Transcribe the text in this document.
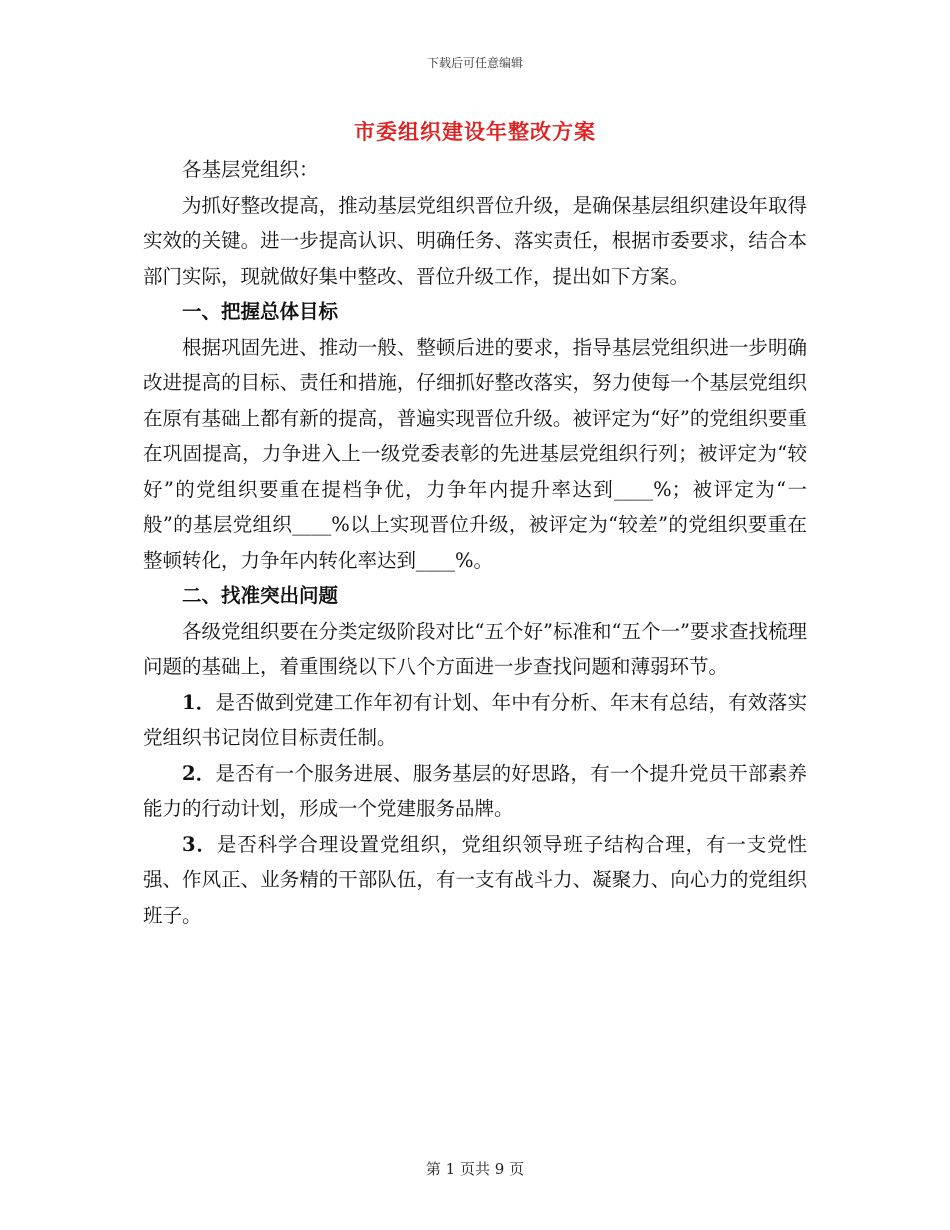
下载后可任意编辑
市委组织建设年整改方案

各基层党组织：

为抓好整改提高，推动基层党组织晋位升级，是确保基层组织建设年取得实效的关键。进一步提高认识、明确任务、落实责任，根据市委要求，结合本部门实际，现就做好集中整改、晋位升级工作，提出如下方案。

一、把握总体目标

根据巩固先进、推动一般、整顿后进的要求，指导基层党组织进一步明确改进提高的目标、责任和措施，仔细抓好整改落实，努力使每一个基层党组织在原有基础上都有新的提高，普遍实现晋位升级。被评定为“好”的党组织要重在巩固提高，力争进入上一级党委表彰的先进基层党组织行列；被评定为“较好”的党组织要重在提档争优，力争年内提升率达到____%；被评定为“一般”的基层党组织____%以上实现晋位升级，被评定为“较差”的党组织要重在整顿转化，力争年内转化率达到____%。

二、找准突出问题

各级党组织要在分类定级阶段对比“五个好”标准和“五个一”要求查找梳理问题的基础上，着重围绕以下八个方面进一步查找问题和薄弱环节。

1．是否做到党建工作年初有计划、年中有分析、年末有总结，有效落实党组织书记岗位目标责任制。

2．是否有一个服务进展、服务基层的好思路，有一个提升党员干部素养能力的行动计划，形成一个党建服务品牌。

3．是否科学合理设置党组织，党组织领导班子结构合理，有一支党性强、作风正、业务精的干部队伍，有一支有战斗力、凝聚力、向心力的党组织班子。

第 1 页共 9 页
